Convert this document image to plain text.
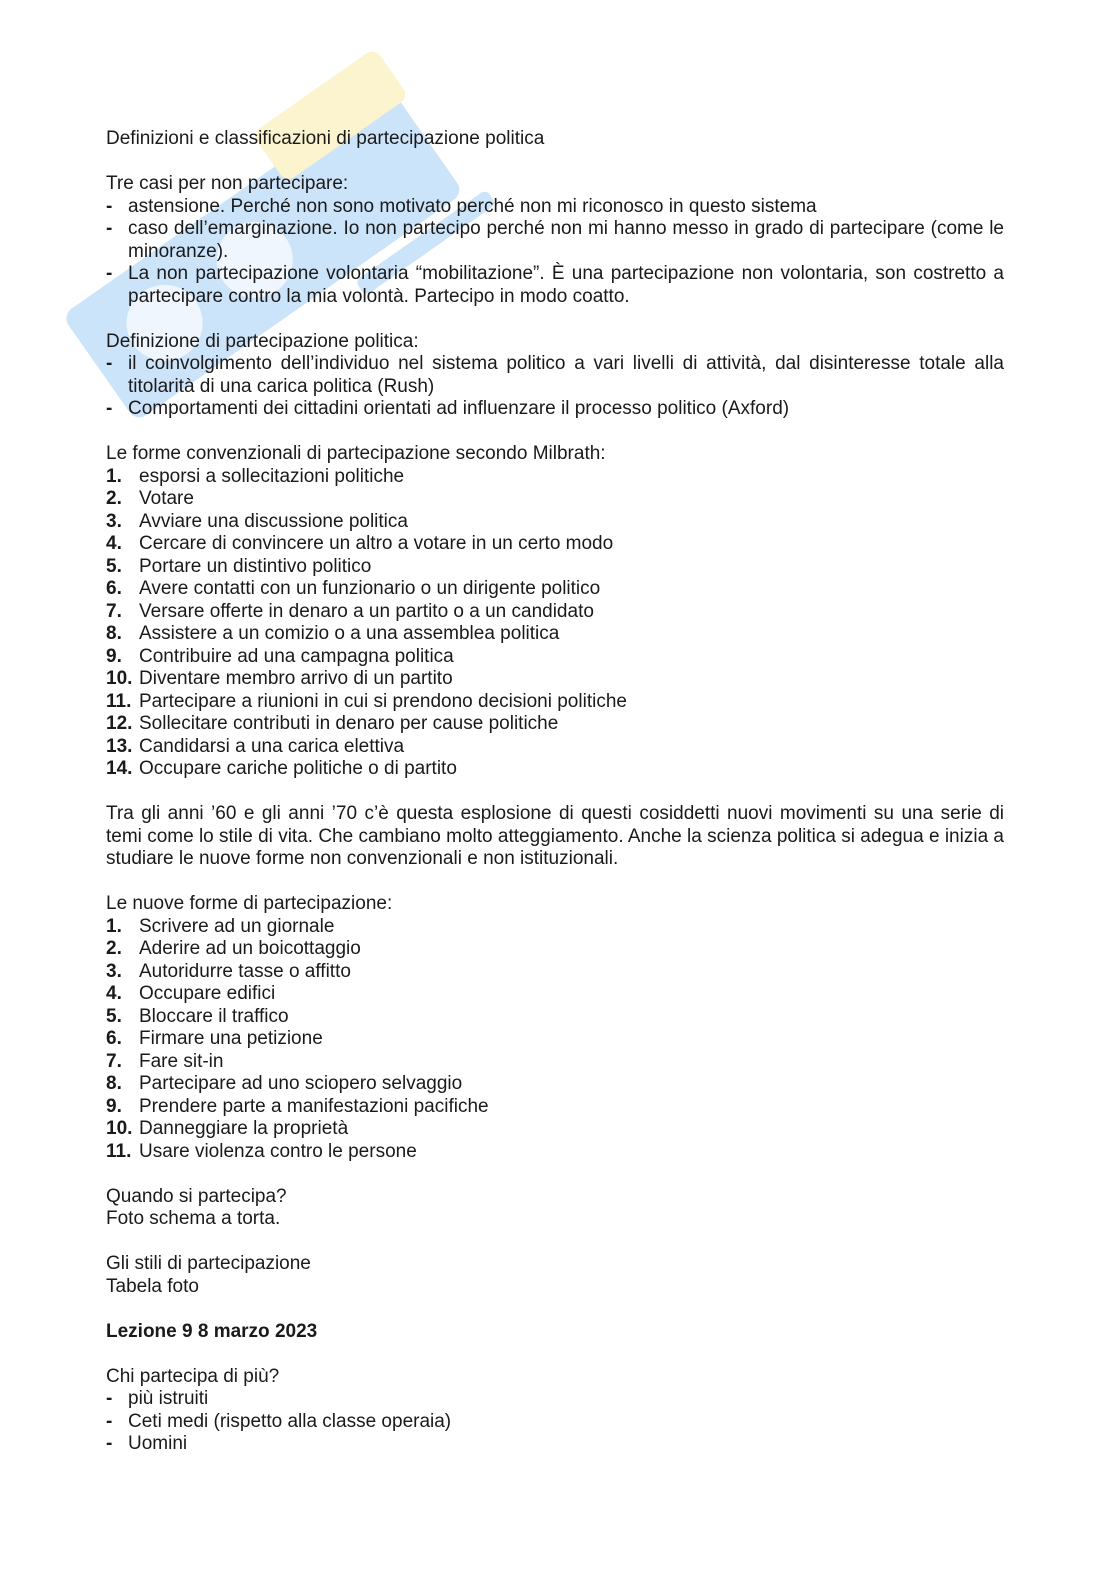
Definizioni e classificazioni di partecipazione politica

Tre casi per non partecipare:

- astensione. Perché non sono motivato perché non mi riconosco in questo sistema
- caso dell’emarginazione. Io non partecipo perché non mi hanno messo in grado di partecipare (come le minoranze).
- La non partecipazione volontaria “mobilitazione”. È una partecipazione non volontaria, son costretto a partecipare contro la mia volontà. Partecipo in modo coatto.

Definizione di partecipazione politica:

- il coinvolgimento dell’individuo nel sistema politico a vari livelli di attività, dal disinteresse totale alla titolarità di una carica politica (Rush)
- Comportamenti dei cittadini orientati ad influenzare il processo politico (Axford)

Le forme convenzionali di partecipazione secondo Milbrath:

1. esporsi a sollecitazioni politiche
2. Votare
3. Avviare una discussione politica
4. Cercare di convincere un altro a votare in un certo modo
5. Portare un distintivo politico
6. Avere contatti con un funzionario o un dirigente politico
7. Versare offerte in denaro a un partito o a un candidato
8. Assistere a un comizio o a una assemblea politica
9. Contribuire ad una campagna politica
10. Diventare membro arrivo di un partito
11. Partecipare a riunioni in cui si prendono decisioni politiche
12. Sollecitare contributi in denaro per cause politiche
13. Candidarsi a una carica elettiva
14. Occupare cariche politiche o di partito

Tra gli anni ’60 e gli anni ’70 c’è questa esplosione di questi cosiddetti nuovi movimenti su una serie di temi come lo stile di vita. Che cambiano molto atteggiamento. Anche la scienza politica si adegua e inizia a studiare le nuove forme non convenzionali e non istituzionali.

Le nuove forme di partecipazione:

1. Scrivere ad un giornale
2. Aderire ad un boicottaggio
3. Autoridurre tasse o affitto
4. Occupare edifici
5. Bloccare il traffico
6. Firmare una petizione
7. Fare sit-in
8. Partecipare ad uno sciopero selvaggio
9. Prendere parte a manifestazioni pacifiche
10. Danneggiare la proprietà
11. Usare violenza contro le persone

Quando si partecipa?

Foto schema a torta.

Gli stili di partecipazione

Tabela foto

Lezione 9 8 marzo 2023

Chi partecipa di più?

- più istruiti
- Ceti medi (rispetto alla classe operaia)
- Uomini
